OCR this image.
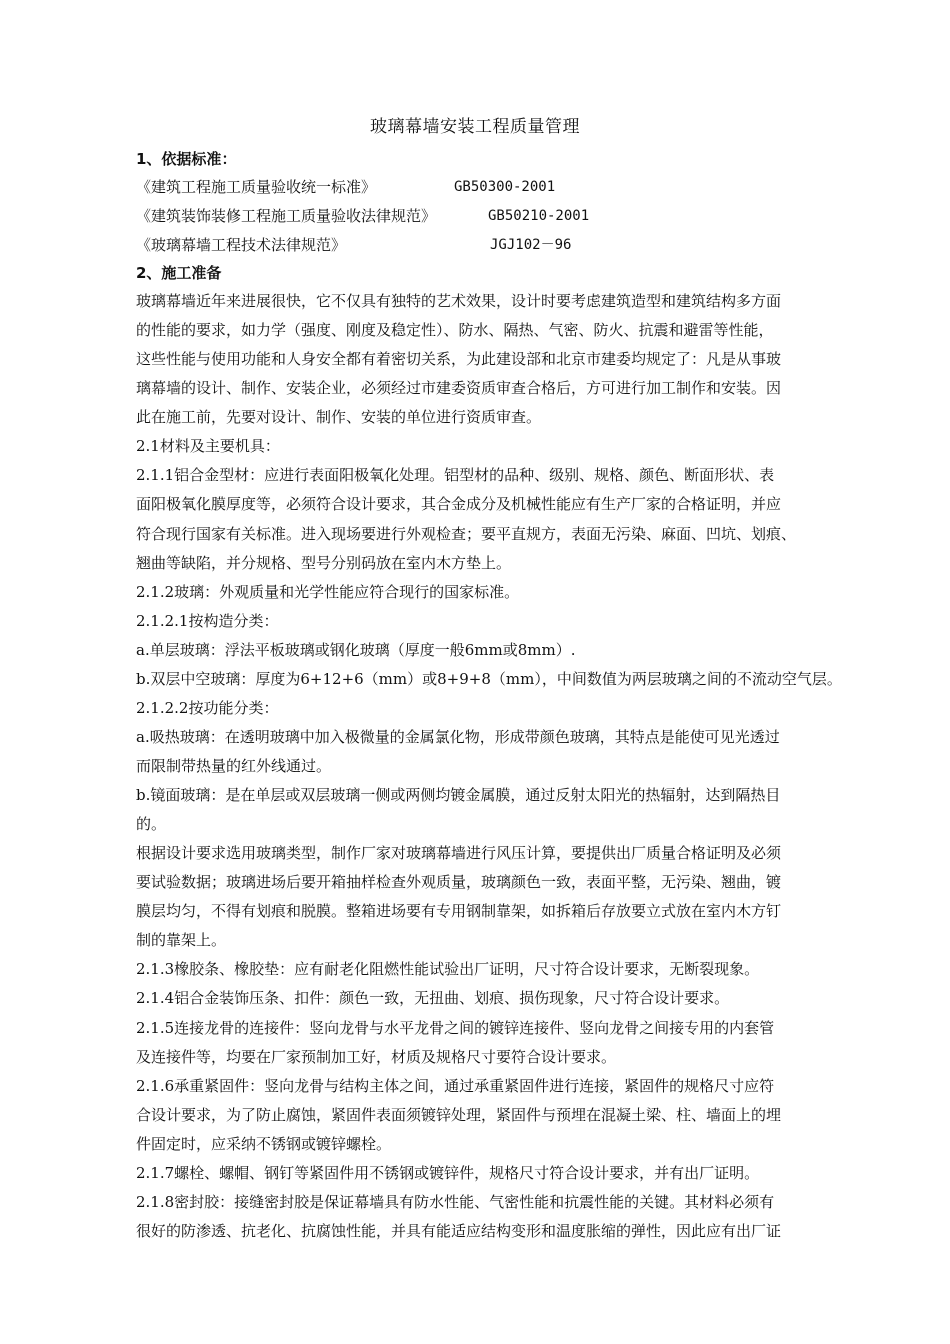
玻璃幕墙安装工程质量管理
1、依据标准：
《建筑工程施工质量验收统一标准》	GB50300-2001
《建筑装饰装修工程施工质量验收法律规范》	GB50210-2001
《玻璃幕墙工程技术法律规范》	JGJ102－96
2、施工准备
玻璃幕墙近年来进展很快，它不仅具有独特的艺术效果，设计时要考虑建筑造型和建筑结构多方面
的性能的要求，如力学（强度、刚度及稳定性）、防水、隔热、气密、防火、抗震和避雷等性能，
这些性能与使用功能和人身安全都有着密切关系，为此建设部和北京市建委均规定了：凡是从事玻
璃幕墙的设计、制作、安装企业，必须经过市建委资质审查合格后，方可进行加工制作和安装。因
此在施工前，先要对设计、制作、安装的单位进行资质审查。
2.1材料及主要机具：
2.1.1铝合金型材：应进行表面阳极氧化处理。铝型材的品种、级别、规格、颜色、断面形状、表
面阳极氧化膜厚度等，必须符合设计要求，其合金成分及机械性能应有生产厂家的合格证明，并应
符合现行国家有关标准。进入现场要进行外观检查；要平直规方，表面无污染、麻面、凹坑、划痕、
翘曲等缺陷，并分规格、型号分别码放在室内木方垫上。
2.1.2玻璃：外观质量和光学性能应符合现行的国家标准。
2.1.2.1按构造分类：
a.单层玻璃：浮法平板玻璃或钢化玻璃（厚度一般6mm或8mm）.
b.双层中空玻璃：厚度为6+12+6（mm）或8+9+8（mm），中间数值为两层玻璃之间的不流动空气层。
2.1.2.2按功能分类：
a.吸热玻璃：在透明玻璃中加入极微量的金属氯化物，形成带颜色玻璃，其特点是能使可见光透过
而限制带热量的红外线通过。
b.镜面玻璃：是在单层或双层玻璃一侧或两侧均镀金属膜，通过反射太阳光的热辐射，达到隔热目
的。
根据设计要求选用玻璃类型，制作厂家对玻璃幕墙进行风压计算，要提供出厂质量合格证明及必须
要试验数据；玻璃进场后要开箱抽样检查外观质量，玻璃颜色一致，表面平整，无污染、翘曲，镀
膜层均匀，不得有划痕和脱膜。整箱进场要有专用钢制靠架，如拆箱后存放要立式放在室内木方钉
制的靠架上。
2.1.3橡胶条、橡胶垫：应有耐老化阻燃性能试验出厂证明，尺寸符合设计要求，无断裂现象。
2.1.4铝合金装饰压条、扣件：颜色一致，无扭曲、划痕、损伤现象，尺寸符合设计要求。
2.1.5连接龙骨的连接件：竖向龙骨与水平龙骨之间的镀锌连接件、竖向龙骨之间接专用的内套管
及连接件等，均要在厂家预制加工好，材质及规格尺寸要符合设计要求。
2.1.6承重紧固件：竖向龙骨与结构主体之间，通过承重紧固件进行连接，紧固件的规格尺寸应符
合设计要求，为了防止腐蚀，紧固件表面须镀锌处理，紧固件与预埋在混凝土梁、柱、墙面上的埋
件固定时，应采纳不锈钢或镀锌螺栓。
2.1.7螺栓、螺帽、钢钉等紧固件用不锈钢或镀锌件，规格尺寸符合设计要求，并有出厂证明。
2.1.8密封胶：接缝密封胶是保证幕墙具有防水性能、气密性能和抗震性能的关键。其材料必须有
很好的防渗透、抗老化、抗腐蚀性能，并具有能适应结构变形和温度胀缩的弹性，因此应有出厂证
